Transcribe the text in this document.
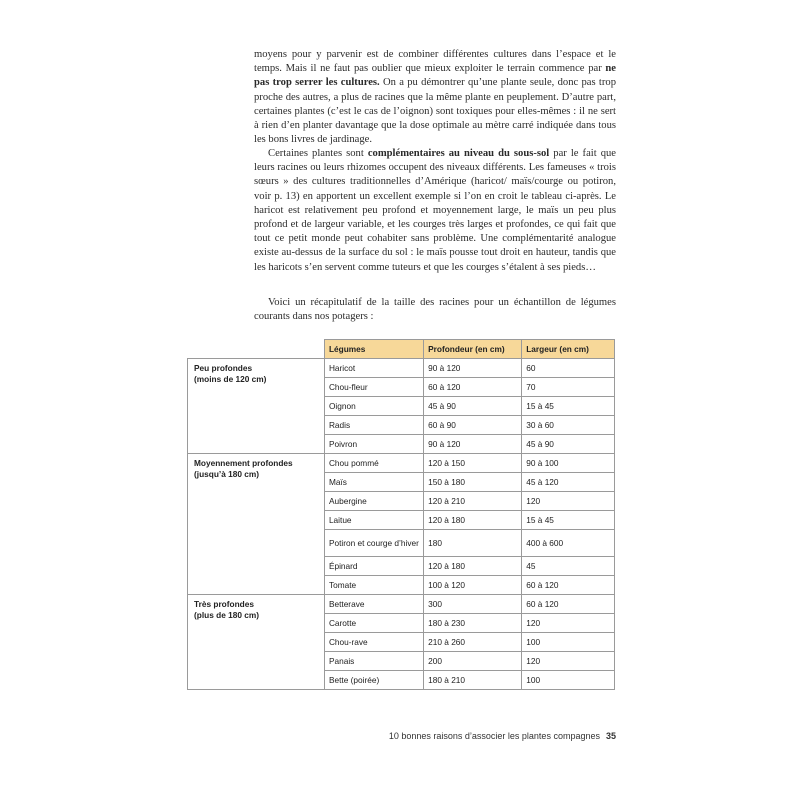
moyens pour y parvenir est de combiner différentes cultures dans l’espace et le temps. Mais il ne faut pas oublier que mieux exploiter le terrain commence par ne pas trop serrer les cultures. On a pu démontrer qu’une plante seule, donc pas trop proche des autres, a plus de racines que la même plante en peuplement. D’autre part, certaines plantes (c’est le cas de l’oignon) sont toxiques pour elles-mêmes : il ne sert à rien d’en planter davantage que la dose optimale au mètre carré indiquée dans tous les bons livres de jardinage.

Certaines plantes sont complémentaires au niveau du sous-sol par le fait que leurs racines ou leurs rhizomes occupent des niveaux différents. Les fameuses « trois sœurs » des cultures traditionnelles d’Amérique (haricot/ maïs/courge ou potiron, voir p. 13) en apportent un excellent exemple si l’on en croit le tableau ci-après. Le haricot est relativement peu profond et moyennement large, le maïs un peu plus profond et de largeur variable, et les courges très larges et profondes, ce qui fait que tout ce petit monde peut cohabiter sans problème. Une complémentarité analogue existe au-dessus de la surface du sol : le maïs pousse tout droit en hauteur, tandis que les haricots s’en servent comme tuteurs et que les courges s’étalent à ses pieds…

Voici un récapitulatif de la taille des racines pour un échantillon de légumes courants dans nos potagers :

	Légumes	Profondeur (en cm)	Largeur (en cm)

Peu profondes
(moins de 120 cm)	Haricot	90 à 120	60
	Chou-fleur	60 à 120	70
	Oignon	45 à 90	15 à 45
	Radis	60 à 90	30 à 60
	Poivron	90 à 120	45 à 90

Moyennement profondes
(jusqu’à 180 cm)	Chou pommé	120 à 150	90 à 100
	Maïs	150 à 180	45 à 120
	Aubergine	120 à 210	120
	Laitue	120 à 180	15 à 45
	Potiron et courge d’hiver	180	400 à 600
	Épinard	120 à 180	45
	Tomate	100 à 120	60 à 120

Très profondes
(plus de 180 cm)	Betterave	300	60 à 120
	Carotte	180 à 230	120
	Chou-rave	210 à 260	100
	Panais	200	120
	Bette (poirée)	180 à 210	100
10 bonnes raisons d’associer les plantes compagnes 35
